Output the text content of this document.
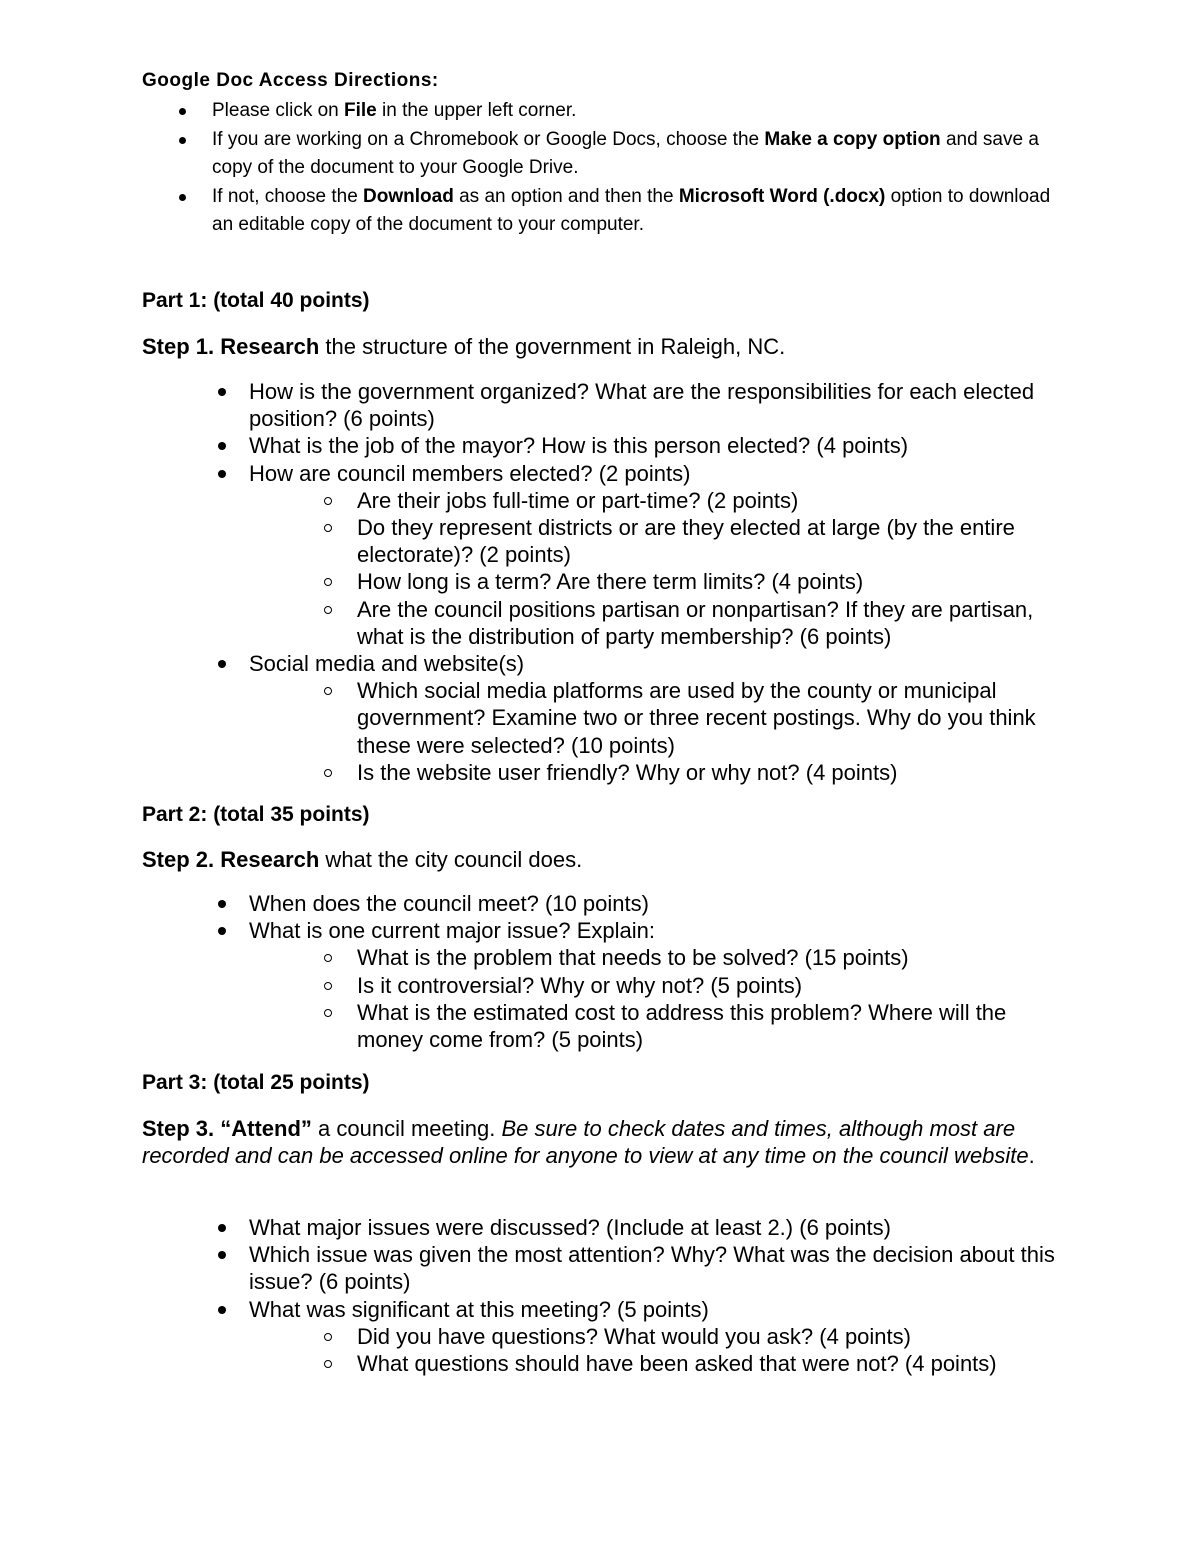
Google Doc Access Directions:
Please click on File in the upper left corner.
If you are working on a Chromebook or Google Docs, choose the Make a copy option and save a copy of the document to your Google Drive.
If not, choose the Download as an option and then the Microsoft Word (.docx) option to download an editable copy of the document to your computer.
Part 1: (total 40 points)
Step 1. Research the structure of the government in Raleigh, NC.
How is the government organized? What are the responsibilities for each elected position? (6 points)
What is the job of the mayor? How is this person elected? (4 points)
How are council members elected? (2 points)
Are their jobs full-time or part-time? (2 points)
Do they represent districts or are they elected at large (by the entire electorate)? (2 points)
How long is a term? Are there term limits? (4 points)
Are the council positions partisan or nonpartisan? If they are partisan, what is the distribution of party membership? (6 points)
Social media and website(s)
Which social media platforms are used by the county or municipal government? Examine two or three recent postings. Why do you think these were selected? (10 points)
Is the website user friendly? Why or why not? (4 points)
Part 2: (total 35 points)
Step 2. Research what the city council does.
When does the council meet? (10 points)
What is one current major issue? Explain:
What is the problem that needs to be solved? (15 points)
Is it controversial? Why or why not? (5 points)
What is the estimated cost to address this problem? Where will the money come from? (5 points)
Part 3: (total 25 points)
Step 3. “Attend” a council meeting. Be sure to check dates and times, although most are recorded and can be accessed online for anyone to view at any time on the council website.
What major issues were discussed? (Include at least 2.) (6 points)
Which issue was given the most attention? Why? What was the decision about this issue? (6 points)
What was significant at this meeting? (5 points)
Did you have questions? What would you ask? (4 points)
What questions should have been asked that were not? (4 points)
